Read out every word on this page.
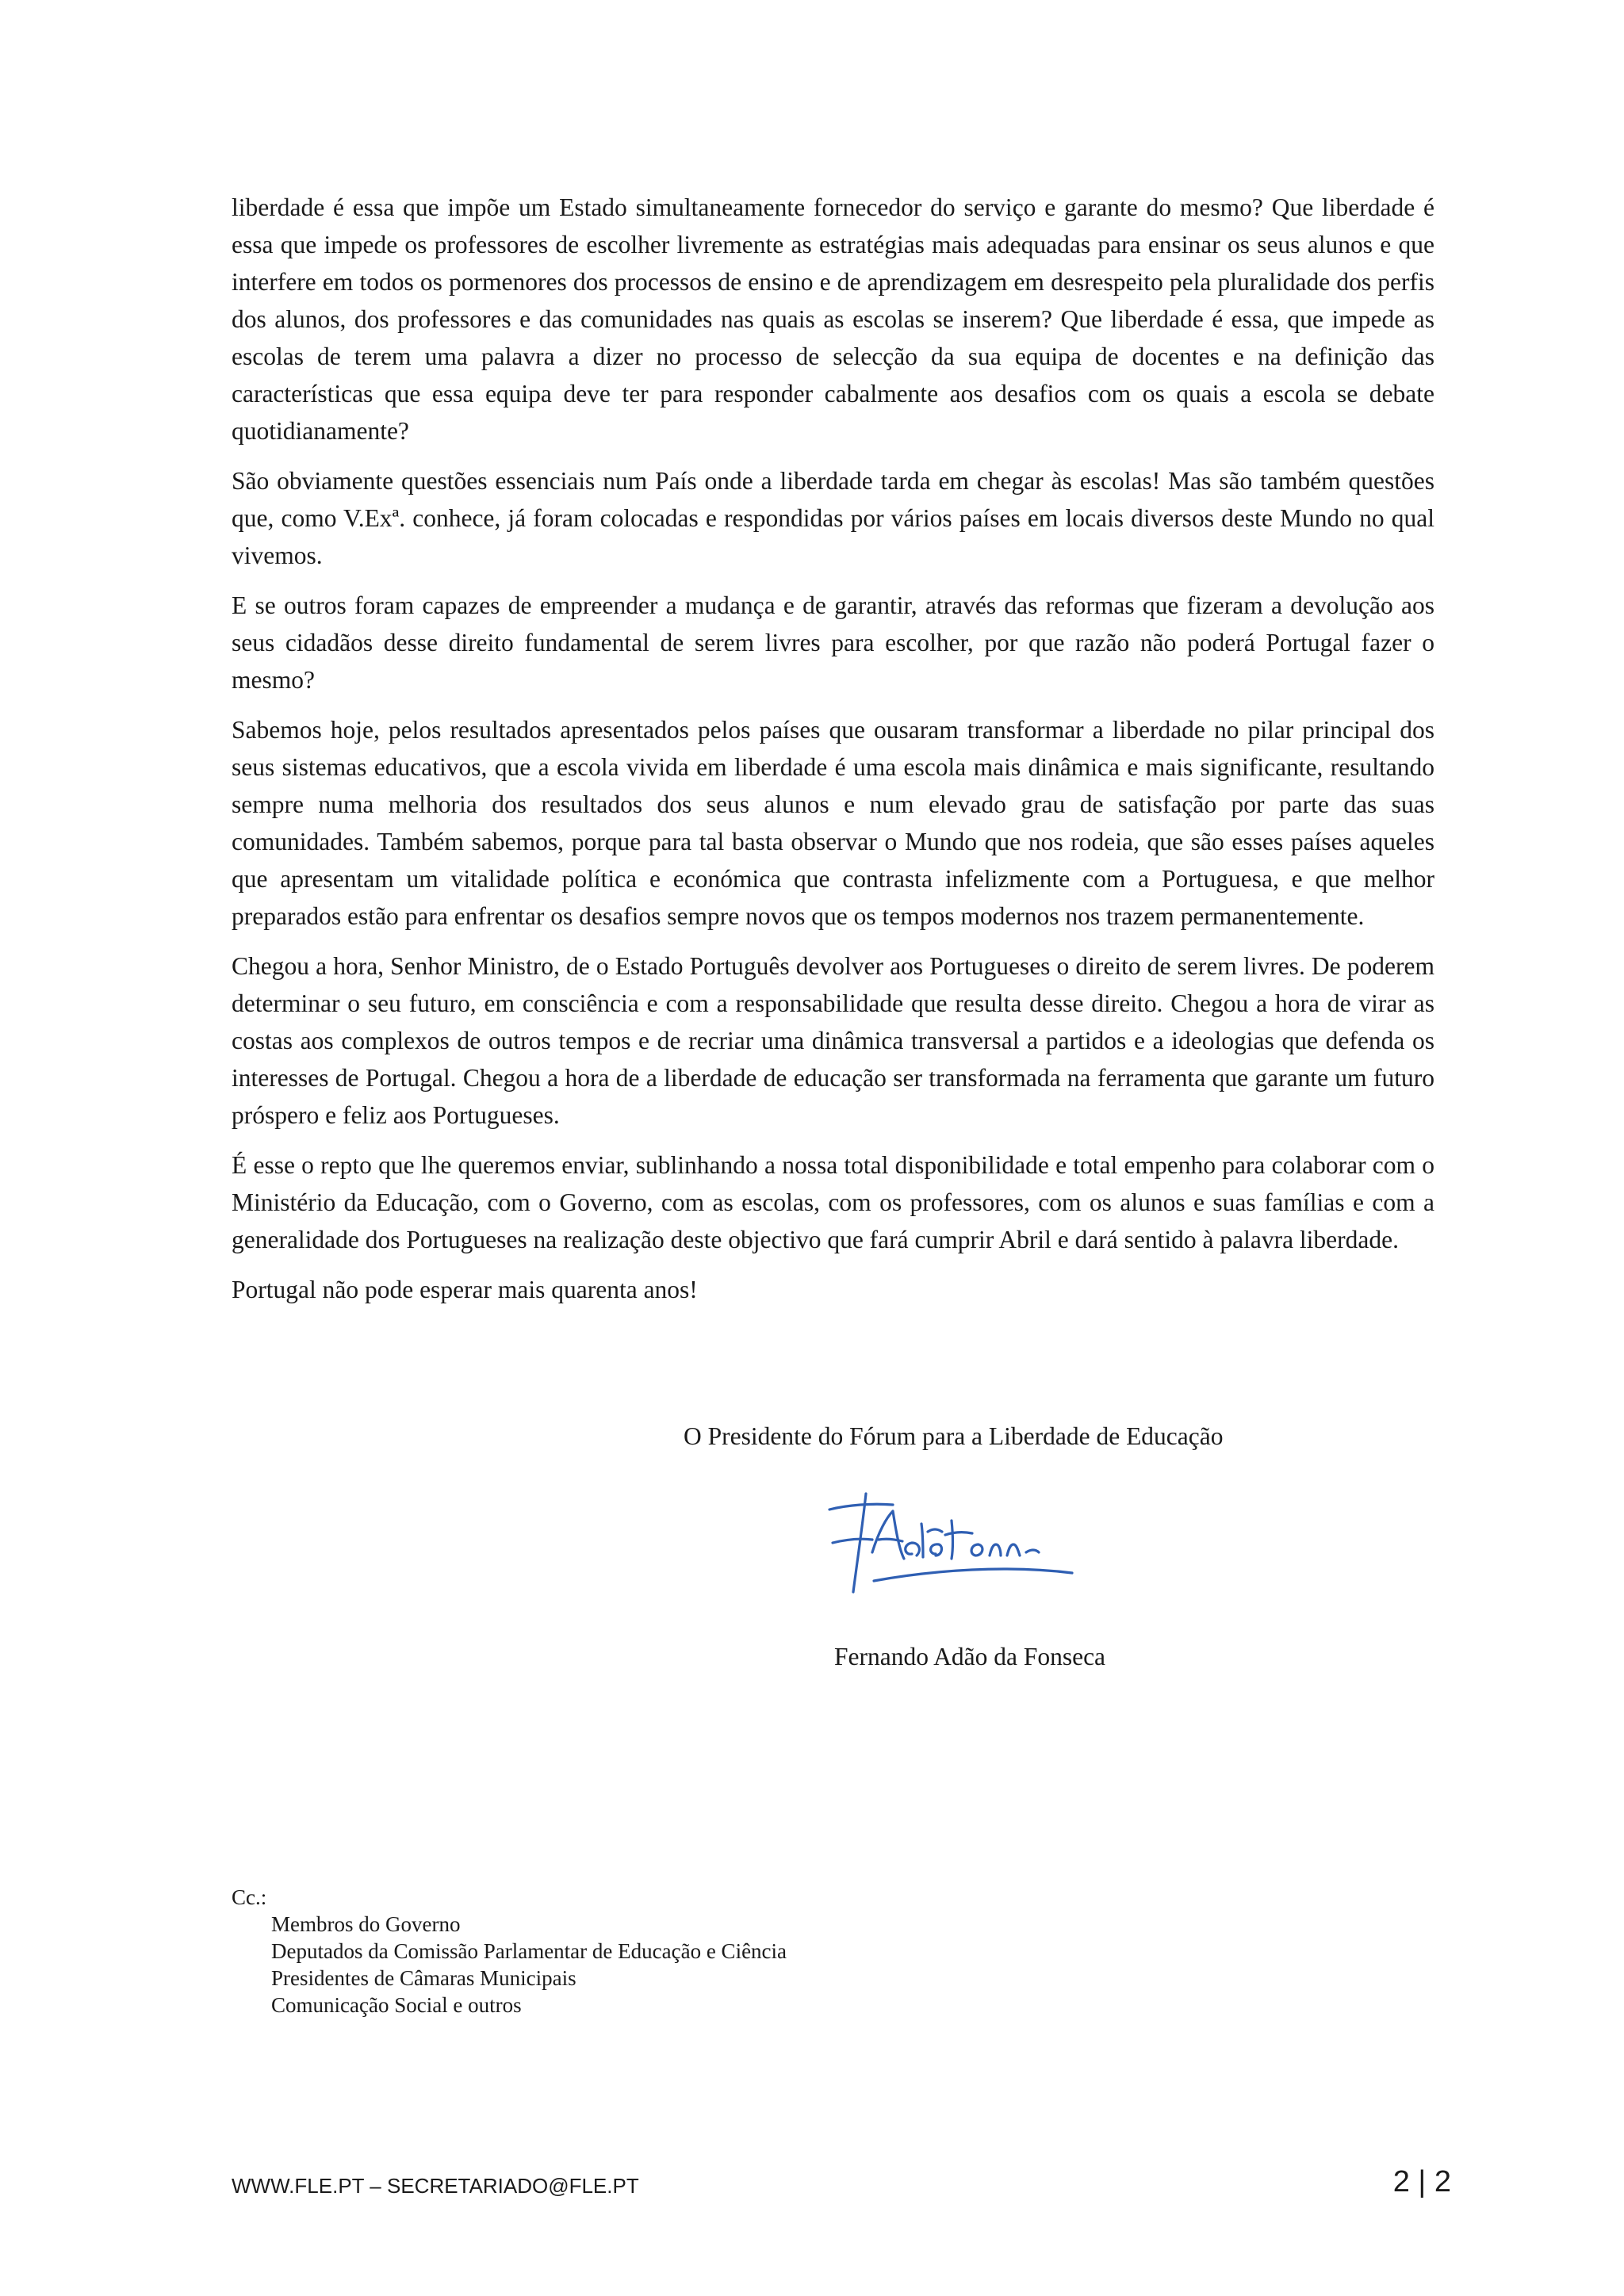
liberdade é essa que impõe um Estado simultaneamente fornecedor do serviço e garante do mesmo? Que liberdade é essa que impede os professores de escolher livremente as estratégias mais adequadas para ensinar os seus alunos e que interfere em todos os pormenores dos processos de ensino e de aprendizagem em desrespeito pela pluralidade dos perfis dos alunos, dos professores e das comunidades nas quais as escolas se inserem? Que liberdade é essa, que impede as escolas de terem uma palavra a dizer no processo de selecção da sua equipa de docentes e na definição das características que essa equipa deve ter para responder cabalmente aos desafios com os quais a escola se debate quotidianamente?

São obviamente questões essenciais num País onde a liberdade tarda em chegar às escolas! Mas são também questões que, como V.Exª. conhece, já foram colocadas e respondidas por vários países em locais diversos deste Mundo no qual vivemos.

E se outros foram capazes de empreender a mudança e de garantir, através das reformas que fizeram a devolução aos seus cidadãos desse direito fundamental de serem livres para escolher, por que razão não poderá Portugal fazer o mesmo?

Sabemos hoje, pelos resultados apresentados pelos países que ousaram transformar a liberdade no pilar principal dos seus sistemas educativos, que a escola vivida em liberdade é uma escola mais dinâmica e mais significante, resultando sempre numa melhoria dos resultados dos seus alunos e num elevado grau de satisfação por parte das suas comunidades. Também sabemos, porque para tal basta observar o Mundo que nos rodeia, que são esses países aqueles que apresentam um vitalidade política e económica que contrasta infelizmente com a Portuguesa, e que melhor preparados estão para enfrentar os desafios sempre novos que os tempos modernos nos trazem permanentemente.

Chegou a hora, Senhor Ministro, de o Estado Português devolver aos Portugueses o direito de serem livres. De poderem determinar o seu futuro, em consciência e com a responsabilidade que resulta desse direito. Chegou a hora de virar as costas aos complexos de outros tempos e de recriar uma dinâmica transversal a partidos e a ideologias que defenda os interesses de Portugal. Chegou a hora de a liberdade de educação ser transformada na ferramenta que garante um futuro próspero e feliz aos Portugueses.

É esse o repto que lhe queremos enviar, sublinhando a nossa total disponibilidade e total empenho para colaborar com o Ministério da Educação, com o Governo, com as escolas, com os professores, com os alunos e suas famílias e com a generalidade dos Portugueses na realização deste objectivo que fará cumprir Abril e dará sentido à palavra liberdade.

Portugal não pode esperar mais quarenta anos!

O Presidente do Fórum para a Liberdade de Educação
Fernando Adão da Fonseca

Cc.:

Membros do Governo
Deputados da Comissão Parlamentar de Educação e Ciência
Presidentes de Câmaras Municipais
Comunicação Social e outros
WWW.FLE.PT – SECRETARIADO@FLE.PT	2 | 2
